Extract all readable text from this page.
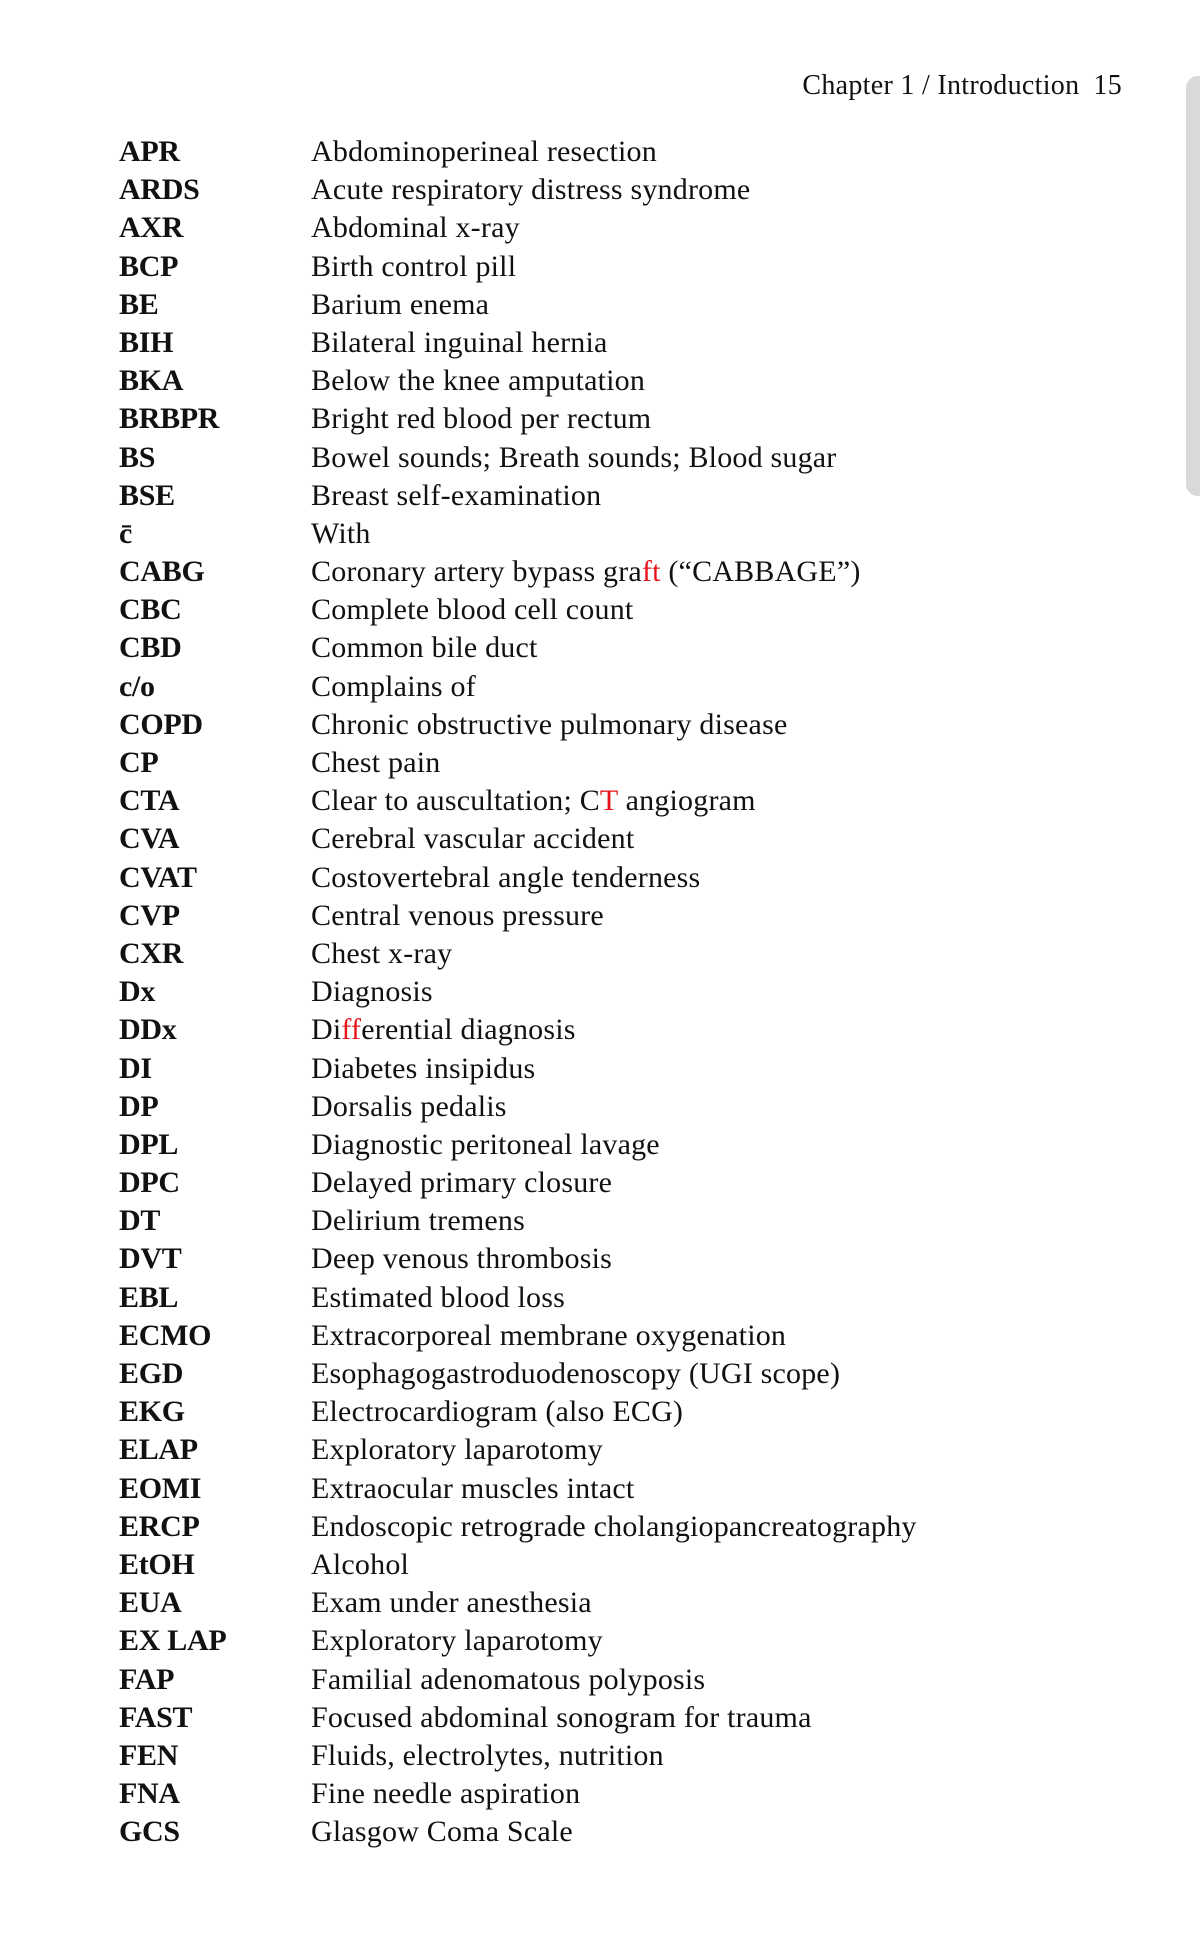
Chapter 1 / Introduction 15
APR	Abdominoperineal resection
ARDS	Acute respiratory distress syndrome
AXR	Abdominal x-ray
BCP	Birth control pill
BE	Barium enema
BIH	Bilateral inguinal hernia
BKA	Below the knee amputation
BRBPR	Bright red blood per rectum
BS	Bowel sounds; Breath sounds; Blood sugar
BSE	Breast self-examination
c̄	With
CABG	Coronary artery bypass graft (“CABBAGE”)
CBC	Complete blood cell count
CBD	Common bile duct
c/o	Complains of
COPD	Chronic obstructive pulmonary disease
CP	Chest pain
CTA	Clear to auscultation; CT angiogram
CVA	Cerebral vascular accident
CVAT	Costovertebral angle tenderness
CVP	Central venous pressure
CXR	Chest x-ray
Dx	Diagnosis
DDx	Differential diagnosis
DI	Diabetes insipidus
DP	Dorsalis pedalis
DPL	Diagnostic peritoneal lavage
DPC	Delayed primary closure
DT	Delirium tremens
DVT	Deep venous thrombosis
EBL	Estimated blood loss
ECMO	Extracorporeal membrane oxygenation
EGD	Esophagogastroduodenoscopy (UGI scope)
EKG	Electrocardiogram (also ECG)
ELAP	Exploratory laparotomy
EOMI	Extraocular muscles intact
ERCP	Endoscopic retrograde cholangiopancreatography
EtOH	Alcohol
EUA	Exam under anesthesia
EX LAP	Exploratory laparotomy
FAP	Familial adenomatous polyposis
FAST	Focused abdominal sonogram for trauma
FEN	Fluids, electrolytes, nutrition
FNA	Fine needle aspiration
GCS	Glasgow Coma Scale
